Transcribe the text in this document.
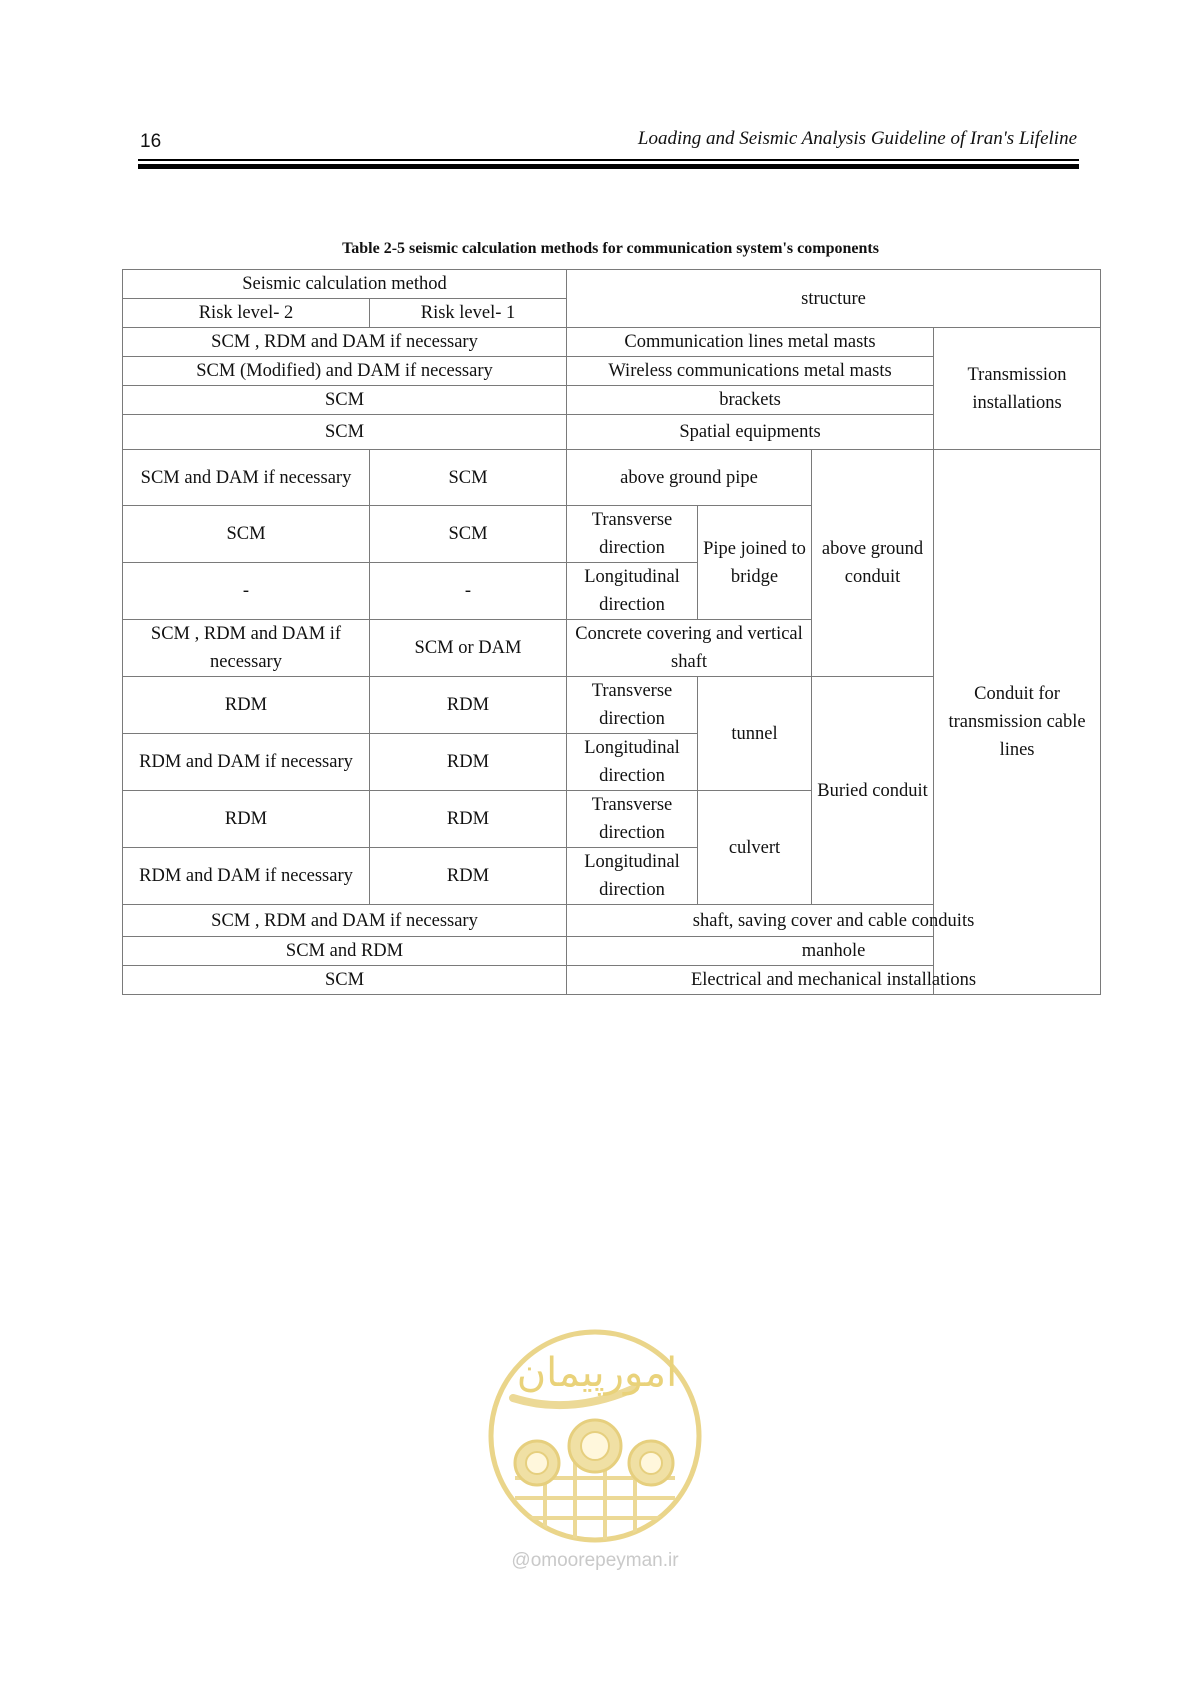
16	Loading and Seismic Analysis Guideline of Iran's Lifeline
Table 2-5 seismic calculation methods for communication system's components
Seismic calculation method		structure			
Risk level- 2	Risk level- 1				
SCM , RDM and DAM if necessary		Communication lines metal masts			Transmission installations
SCM (Modified) and DAM if necessary		Wireless communications metal masts			
SCM		brackets			
SCM		Spatial equipments			
SCM and DAM if necessary	SCM	above ground pipe		above ground conduit	Conduit for transmission cable lines
SCM	SCM	Transverse direction	Pipe joined to bridge		
-	-	Longitudinal direction			
SCM , RDM and DAM if necessary	SCM or DAM	Concrete covering and vertical shaft			
RDM	RDM	Transverse direction	tunnel	Buried conduit	
RDM and DAM if necessary	RDM	Longitudinal direction			
RDM	RDM	Transverse direction	culvert		
RDM and DAM if necessary	RDM	Longitudinal direction			
SCM , RDM and DAM if necessary		shaft, saving cover and cable conduits			
SCM and RDM		manhole			
SCM		Electrical and mechanical installations			
امورپیمان
@omoorepeyman.ir
